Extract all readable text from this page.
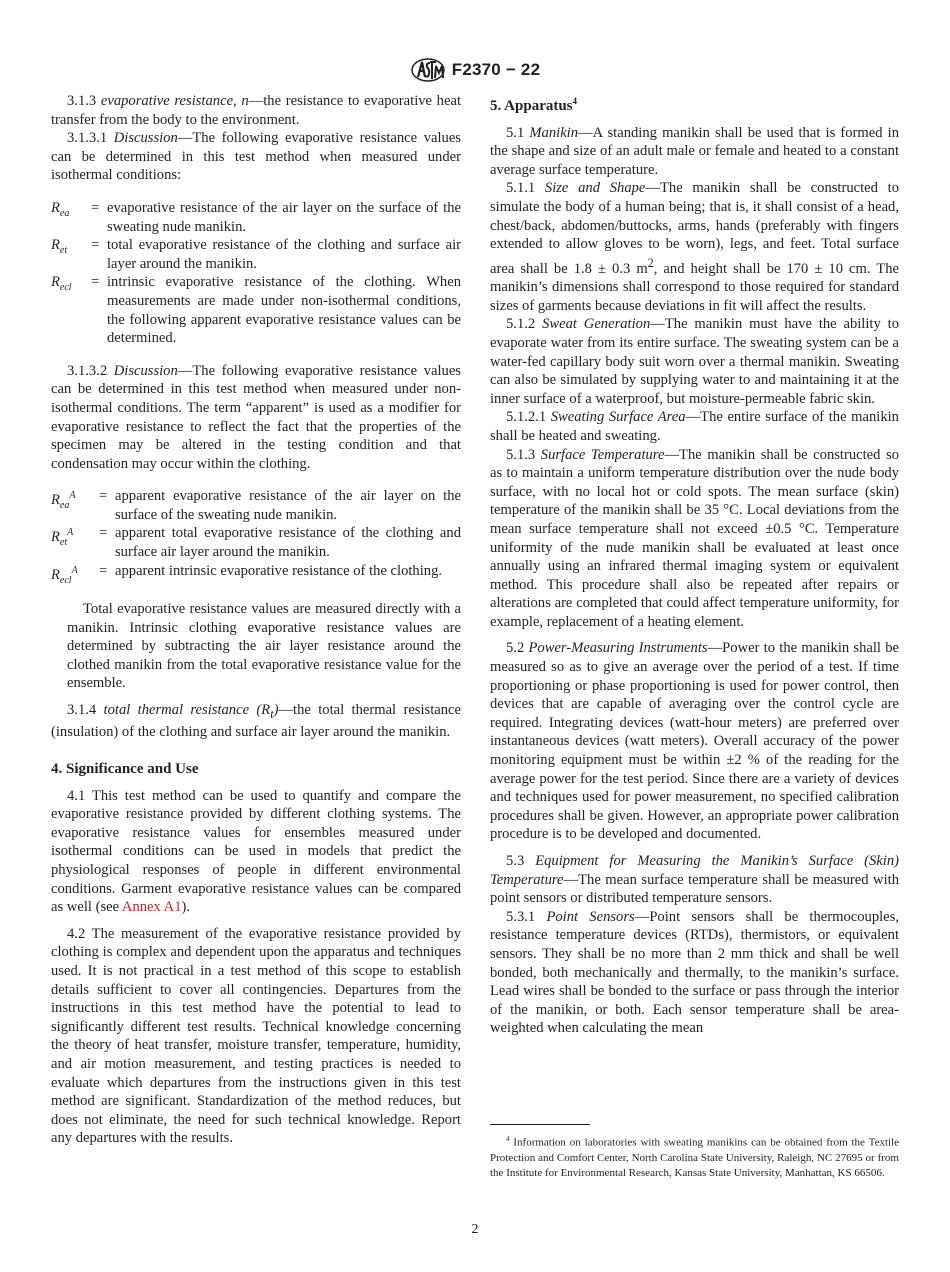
F2370 − 22

3.1.3 evaporative resistance, n—the resistance to evaporative heat transfer from the body to the environment.

3.1.3.1 Discussion—The following evaporative resistance values can be determined in this test method when measured under isothermal conditions:

$R_{ea}$	= evaporative resistance of the air layer on the surface of the sweating nude manikin.
$R_{et}$	= total evaporative resistance of the clothing and surface air layer around the manikin.
$R_{ecl}$	= intrinsic evaporative resistance of the clothing. When measurements are made under non-isothermal conditions, the following apparent evaporative resistance values can be determined.

3.1.3.2 Discussion—The following evaporative resistance values can be determined in this test method when measured under non-isothermal conditions. The term “apparent” is used as a modifier for evaporative resistance to reflect the fact that the properties of the specimen may be altered in the testing condition and that condensation may occur within the clothing.

$R_{ea}^A$	= apparent evaporative resistance of the air layer on the surface of the sweating nude manikin.
$R_{et}^A$	= apparent total evaporative resistance of the clothing and surface air layer around the manikin.
$R_{ecl}^A$	= apparent intrinsic evaporative resistance of the clothing.

Total evaporative resistance values are measured directly with a manikin. Intrinsic clothing evaporative resistance values are determined by subtracting the air layer resistance around the clothed manikin from the total evaporative resistance value for the ensemble.

3.1.4 total thermal resistance $(R_t)—the$ total thermal resistance (insulation) of the clothing and surface air layer around the manikin.

4. Significance and Use

4.1 This test method can be used to quantify and compare the evaporative resistance provided by different clothing systems. The evaporative resistance values for ensembles measured under isothermal conditions can be used in models that predict the physiological responses of people in different environmental conditions. Garment evaporative resistance values can be compared as well (see Annex A1).

4.2 The measurement of the evaporative resistance provided by clothing is complex and dependent upon the apparatus and techniques used. It is not practical in a test method of this scope to establish details sufficient to cover all contingencies. Departures from the instructions in this test method have the potential to lead to significantly different test results. Technical knowledge concerning the theory of heat transfer, moisture transfer, temperature, humidity, and air motion measurement, and testing practices is needed to evaluate which departures from the instructions given in this test method are significant. Standardization of the method reduces, but does not eliminate, the need for such technical knowledge. Report any departures with the results.

5. Apparatus$^4$

5.1 Manikin—A standing manikin shall be used that is formed in the shape and size of an adult male or female and heated to a constant average surface temperature.

5.1.1 Size and Shape—The manikin shall be constructed to simulate the body of a human being; that is, it shall consist of a head, chest/back, abdomen/buttocks, arms, hands (preferably with fingers extended to allow gloves to be worn), legs, and feet. Total surface area shall be 1.8 ± 0.3 $m^2$, and height shall be 170 ± 10 cm. The manikin’s dimensions shall correspond to those required for standard sizes of garments because deviations in fit will affect the results.

5.1.2 Sweat Generation—The manikin must have the ability to evaporate water from its entire surface. The sweating system can be a water-fed capillary body suit worn over a thermal manikin. Sweating can also be simulated by supplying water to and maintaining it at the inner surface of a waterproof, but moisture-permeable fabric skin.

5.1.2.1 Sweating Surface Area—The entire surface of the manikin shall be heated and sweating.

5.1.3 Surface Temperature—The manikin shall be constructed so as to maintain a uniform temperature distribution over the nude body surface, with no local hot or cold spots. The mean surface (skin) temperature of the manikin shall be 35 °C. Local deviations from the mean surface temperature shall not exceed ±0.5 °C. Temperature uniformity of the nude manikin shall be evaluated at least once annually using an infrared thermal imaging system or equivalent method. This procedure shall also be repeated after repairs or alterations are completed that could affect temperature uniformity, for example, replacement of a heating element.

5.2 Power-Measuring Instruments—Power to the manikin shall be measured so as to give an average over the period of a test. If time proportioning or phase proportioning is used for power control, then devices that are capable of averaging over the control cycle are required. Integrating devices (watt-hour meters) are preferred over instantaneous devices (watt meters). Overall accuracy of the power monitoring equipment must be within ±2 % of the reading for the average power for the test period. Since there are a variety of devices and techniques used for power measurement, no specified calibration procedures shall be given. However, an appropriate power calibration procedure is to be developed and documented.

5.3 Equipment for Measuring the Manikin’s Surface (Skin) Temperature—The mean surface temperature shall be measured with point sensors or distributed temperature sensors.

5.3.1 Point Sensors—Point sensors shall be thermocouples, resistance temperature devices (RTDs), thermistors, or equivalent sensors. They shall be no more than 2 mm thick and shall be well bonded, both mechanically and thermally, to the manikin’s surface. Lead wires shall be bonded to the surface or pass through the interior of the manikin, or both. Each sensor temperature shall be area-weighted when calculating the mean

$^4$ Information on laboratories with sweating manikins can be obtained from the Textile Protection and Comfort Center, North Carolina State University, Raleigh, NC 27695 or from the Institute for Environmental Research, Kansas State University, Manhattan, KS 66506.

2
